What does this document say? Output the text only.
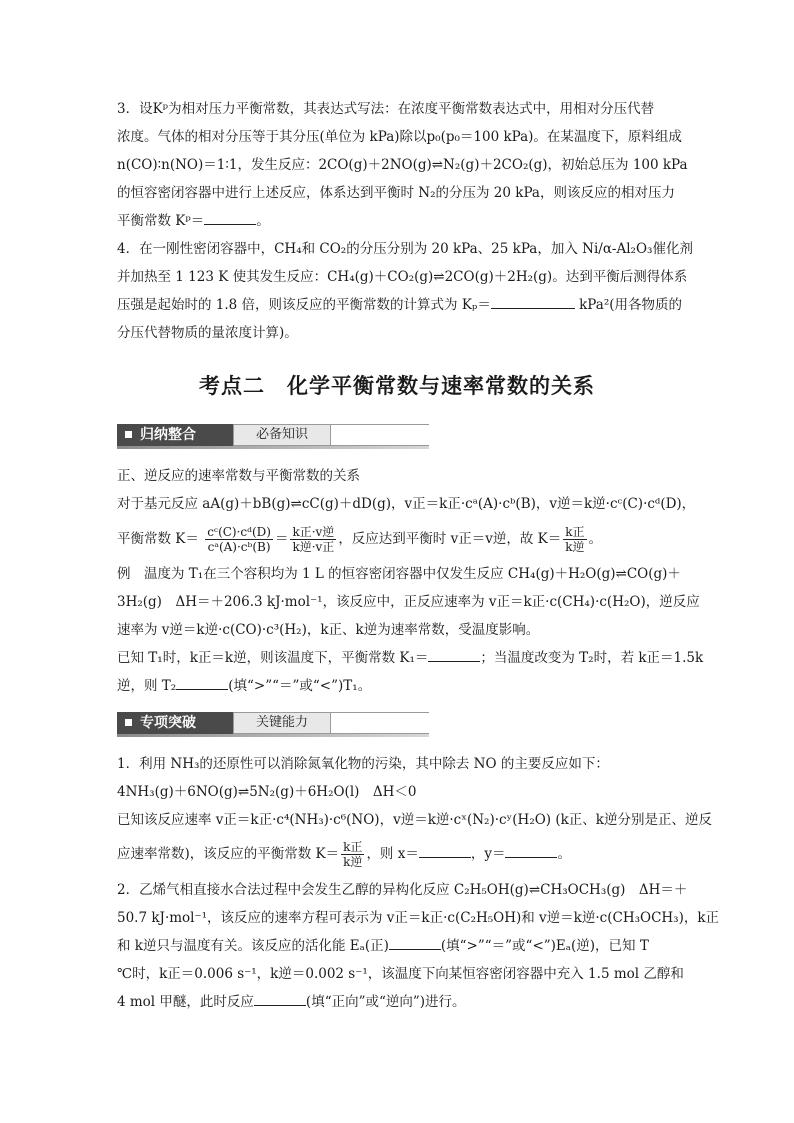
3．设Kᵖ为相对压力平衡常数，其表达式写法：在浓度平衡常数表达式中，用相对分压代替
浓度。气体的相对分压等于其分压(单位为 kPa)除以p₀(p₀＝100 kPa)。在某温度下，原料组成
n(CO)∶n(NO)＝1∶1，发生反应：2CO(g)＋2NO(g)⇌N₂(g)＋2CO₂(g)，初始总压为 100 kPa
的恒容密闭容器中进行上述反应，体系达到平衡时 N₂的分压为 20 kPa，则该反应的相对压力
平衡常数 Kᵖ＝	。
4．在一刚性密闭容器中，CH₄和 CO₂的分压分别为 20 kPa、25 kPa，加入 Ni/α-Al₂O₃催化剂
并加热至 1 123 K 使其发生反应：CH₄(g)＋CO₂(g)⇌2CO(g)＋2H₂(g)。达到平衡后测得体系
压强是起始时的 1.8 倍，则该反应的平衡常数的计算式为 Kₚ＝	kPa²(用各物质的
分压代替物质的量浓度计算)。
考点二　化学平衡常数与速率常数的关系
归纳整合	必备知识
正、逆反应的速率常数与平衡常数的关系
对于基元反应 aA(g)＋bB(g)⇌cC(g)＋dD(g)，v正＝k正·cᵃ(A)·cᵇ(B)，v逆＝k逆·cᶜ(C)·cᵈ(D)，
平衡常数 $K= \frac{\text{cᶜ(C)·cᵈ(D)}}{\text{cᵃ(A)·cᵇ(B)}} = \frac{\text{k正·v逆}}{\text{k逆·v正}}$ ，反应达到平衡时 v正＝v逆，故 $K= \frac{\text{k正}}{\text{k逆}}$ 。
例　温度为 T₁在三个容积均为 1 L 的恒容密闭容器中仅发生反应 CH₄(g)＋H₂O(g)⇌CO(g)＋
3H₂(g)　ΔH＝＋206.3 kJ·mol⁻¹，该反应中，正反应速率为 v正＝k正·c(CH₄)·c(H₂O)，逆反应
速率为 v逆＝k逆·c(CO)·c³(H₂)，k正、k逆为速率常数，受温度影响。
已知 T₁时，k正＝k逆，则该温度下，平衡常数 K₁＝	；当温度改变为 T₂时，若 k正＝1.5k
逆，则 T₂	(填“>”“＝”或“<”)T₁。
专项突破	关键能力
1．利用 NH₃的还原性可以消除氮氧化物的污染，其中除去 NO 的主要反应如下：
4NH₃(g)＋6NO(g)⇌5N₂(g)＋6H₂O(l)　ΔH＜0
已知该反应速率 v正＝k正·c⁴(NH₃)·c⁶(NO)，v逆＝k逆·cˣ(N₂)·cʸ(H₂O) (k正、k逆分别是正、逆反
应速率常数)，该反应的平衡常数 $K= \frac{\text{k正}}{\text{k逆}}$ ，则 x＝	，y＝	。
2．乙烯气相直接水合法过程中会发生乙醇的异构化反应 C₂H₅OH(g)⇌CH₃OCH₃(g)　ΔH＝＋
50.7 kJ·mol⁻¹，该反应的速率方程可表示为 v正＝k正·c(C₂H₅OH)和 v逆＝k逆·c(CH₃OCH₃)，k正
和 k逆只与温度有关。该反应的活化能 Eₐ(正)	(填“>”“＝”或“<”)Eₐ(逆)，已知 T
℃时，k正＝0.006 s⁻¹，k逆＝0.002 s⁻¹，该温度下向某恒容密闭容器中充入 1.5 mol 乙醇和
4 mol 甲醚，此时反应	(填“正向”或“逆向”)进行。
